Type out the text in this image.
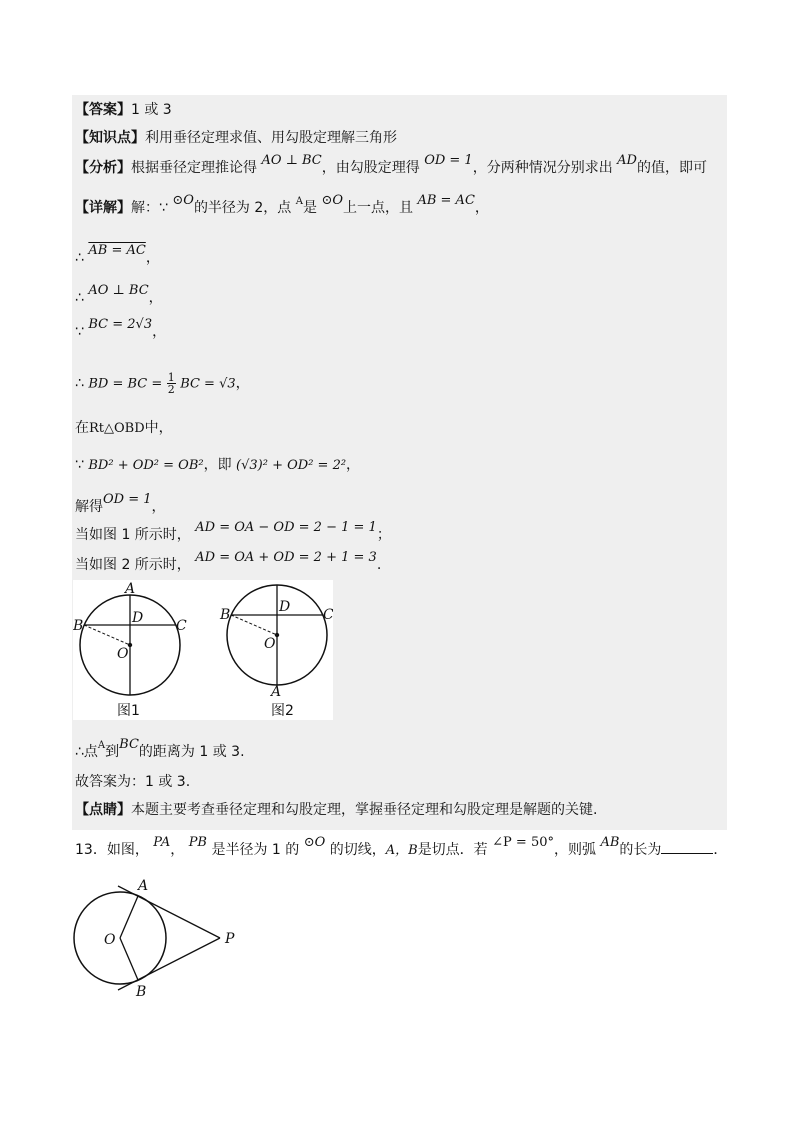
【答案】1 或 3
【知识点】利用垂径定理求值、用勾股定理解三角形
【分析】根据垂径定理推论得 AO ⊥ BC，由勾股定理得 OD = 1，分两种情况分别求出 AD的值，即可
【详解】解：∵ ⊙O的半径为 2，点 $^A$是 ⊙O上一点，且 AB = AC，
∴ AB = AC，
∴ AO ⊥ BC，
∵ BC = 2√3，
∴ BD = BC = $\frac{1}{2}$ BC = √3，
在Rt△OBD中，
∵ BD² + OD² = OB²，即 (√3)² + OD² = 2²，
解得OD = 1，
当如图 1 所示时， AD = OA − OD = 2 − 1 = 1；
当如图 2 所示时， AD = OA + OD = 2 + 1 = 3.
A
B	C
D
O
图1
A
B	C
D
O
图2
∴点$^A$到BC的距离为 1 或 3.
故答案为：1 或 3.
【点睛】本题主要考查垂径定理和勾股定理，掌握垂径定理和勾股定理是解题的关键.
13．如图， PA， PB 是半径为 1 的 ⊙O 的切线，A，B是切点．若 ∠P = 50°，则弧 AB的长为	．
A
B
O	P
